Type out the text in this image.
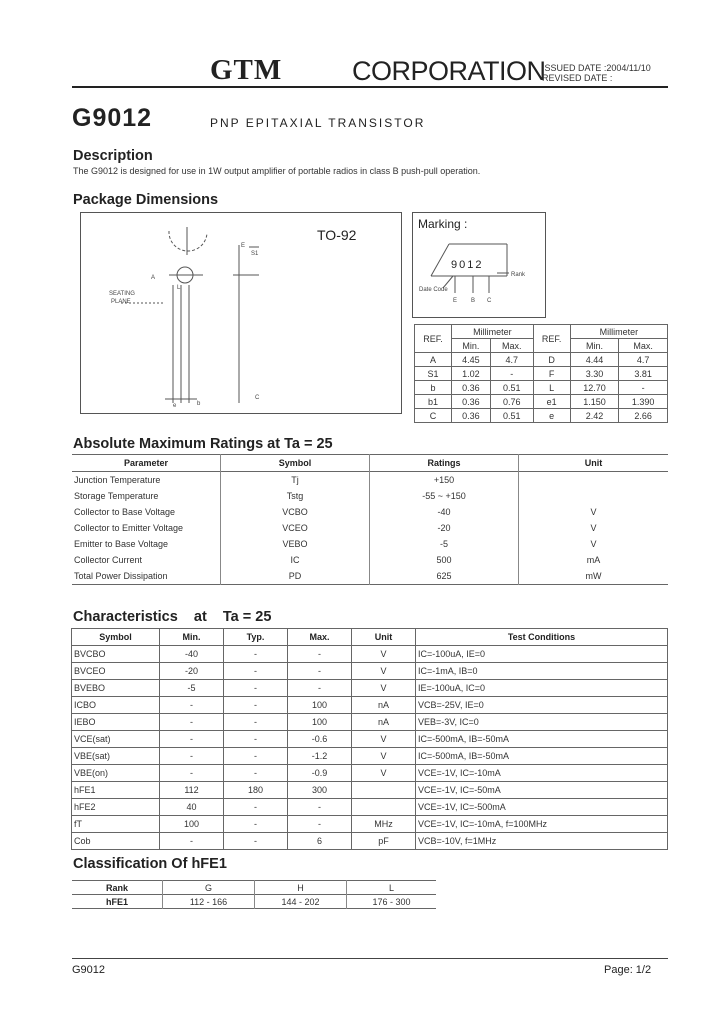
GTM	CORPORATION
ISSUED DATE :2004/11/10
REVISED DATE :
G9012	PNP EPITAXIAL TRANSISTOR
Description
The G9012 is designed for use in 1W output amplifier of portable radios in class B push-pull operation.
Package Dimensions
SEATING
PLANE
A
E
S1
L
b
C
e
TO-92
Marking :
9012
Rank
Date Code
E B C
REF.	Millimeter		REF.	Millimeter	
	Min.	Max.		Min.	Max.
A	4.45	4.7	D	4.44	4.7
S1	1.02	-	F	3.30	3.81
b	0.36	0.51	L	12.70	-
b1	0.36	0.76	e1	1.150	1.390
C	0.36	0.51	e	2.42	2.66
Absolute Maximum Ratings at Ta = 25
Parameter	Symbol	Ratings	Unit
Junction Temperature	Tj	+150	
Storage Temperature	Tstg	-55 ~ +150	
Collector to Base Voltage	VCBO	-40	V
Collector to Emitter Voltage	VCEO	-20	V
Emitter to Base Voltage	VEBO	-5	V
Collector Current	IC	500	mA
Total Power Dissipation	PD	625	mW
Characteristics    at    Ta = 25
Symbol	Min.	Typ.	Max.	Unit	Test Conditions
BVCBO	-40	-	-	V	IC=-100uA, IE=0
BVCEO	-20	-	-	V	IC=-1mA, IB=0
BVEBO	-5	-	-	V	IE=-100uA, IC=0
ICBO	-	-	100	nA	VCB=-25V, IE=0
IEBO	-	-	100	nA	VEB=-3V, IC=0
VCE(sat)	-	-	-0.6	V	IC=-500mA, IB=-50mA
VBE(sat)	-	-	-1.2	V	IC=-500mA, IB=-50mA
VBE(on)	-	-	-0.9	V	VCE=-1V, IC=-10mA
hFE1	112	180	300		VCE=-1V, IC=-50mA
hFE2	40	-	-		VCE=-1V, IC=-500mA
fT	100	-	-	MHz	VCE=-1V, IC=-10mA, f=100MHz
Cob	-	-	6	pF	VCB=-10V, f=1MHz
Classification Of hFE1
Rank	G	H	L
hFE1	112 - 166	144 - 202	176 - 300
G9012	Page: 1/2
